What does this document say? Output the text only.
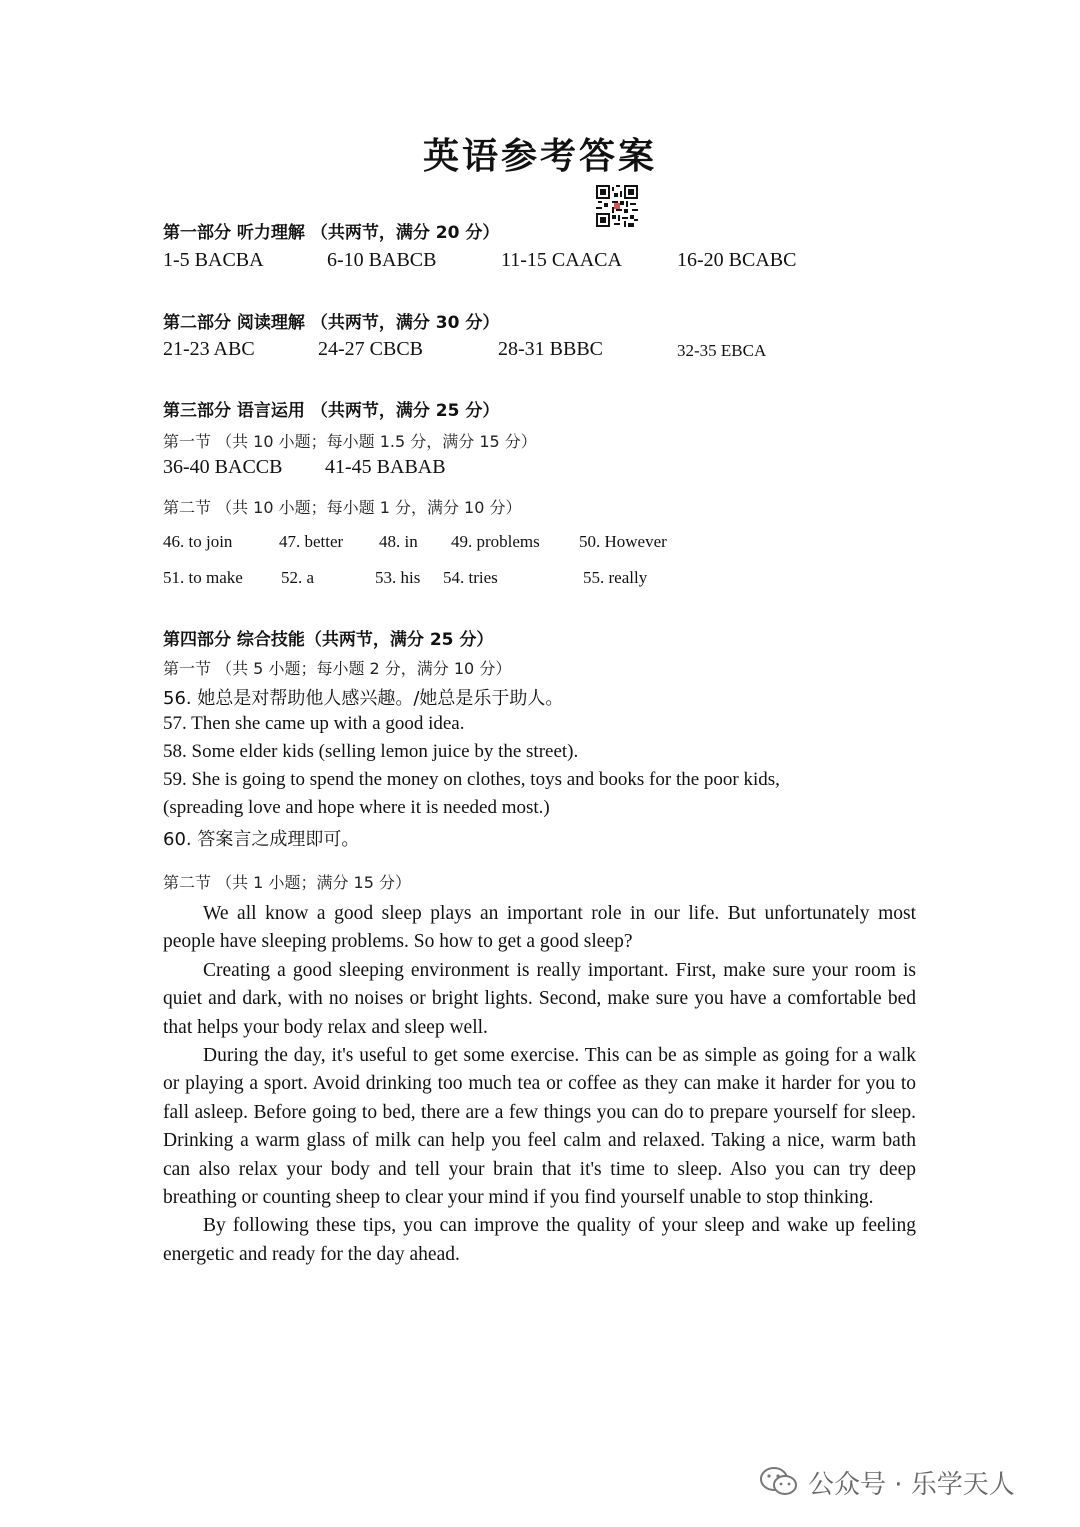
英语参考答案
第一部分 听力理解 （共两节，满分 20 分）
1-5 BACBA	6-10 BABCB	11-15 CAACA	16-20 BCABC
第二部分 阅读理解 （共两节，满分 30 分）
21-23 ABC	24-27 CBCB	28-31 BBBC	32-35 EBCA
第三部分 语言运用 （共两节，满分 25 分）
第一节 （共 10 小题；每小题 1.5 分，满分 15 分）
36-40 BACCB 41-45 BABAB
第二节 （共 10 小题；每小题 1 分，满分 10 分）
46. to join	47. better 48. in 49. problems 50. However
51. to make 52. a	53. his 54. tries	55. really
第四部分 综合技能（共两节，满分 25 分）
第一节 （共 5 小题；每小题 2 分，满分 10 分）
56. 她总是对帮助他人感兴趣。/她总是乐于助人。
57. Then she came up with a good idea.
58. Some elder kids (selling lemon juice by the street).
59. She is going to spend the money on clothes, toys and books for the poor kids,
(spreading love and hope where it is needed most.)
60. 答案言之成理即可。
第二节 （共 1 小题；满分 15 分）

We all know a good sleep plays an important role in our life. But unfortunately most people have sleeping problems. So how to get a good sleep?

Creating a good sleeping environment is really important. First, make sure your room is quiet and dark, with no noises or bright lights. Second, make sure you have a comfortable bed that helps your body relax and sleep well.

During the day, it's useful to get some exercise. This can be as simple as going for a walk or playing a sport. Avoid drinking too much tea or coffee as they can make it harder for you to fall asleep. Before going to bed, there are a few things you can do to prepare yourself for sleep. Drinking a warm glass of milk can help you feel calm and relaxed. Taking a nice, warm bath can also relax your body and tell your brain that it's time to sleep. Also you can try deep breathing or counting sheep to clear your mind if you find yourself unable to stop thinking.

By following these tips, you can improve the quality of your sleep and wake up feeling energetic and ready for the day ahead.

公众号 · 乐学天人
